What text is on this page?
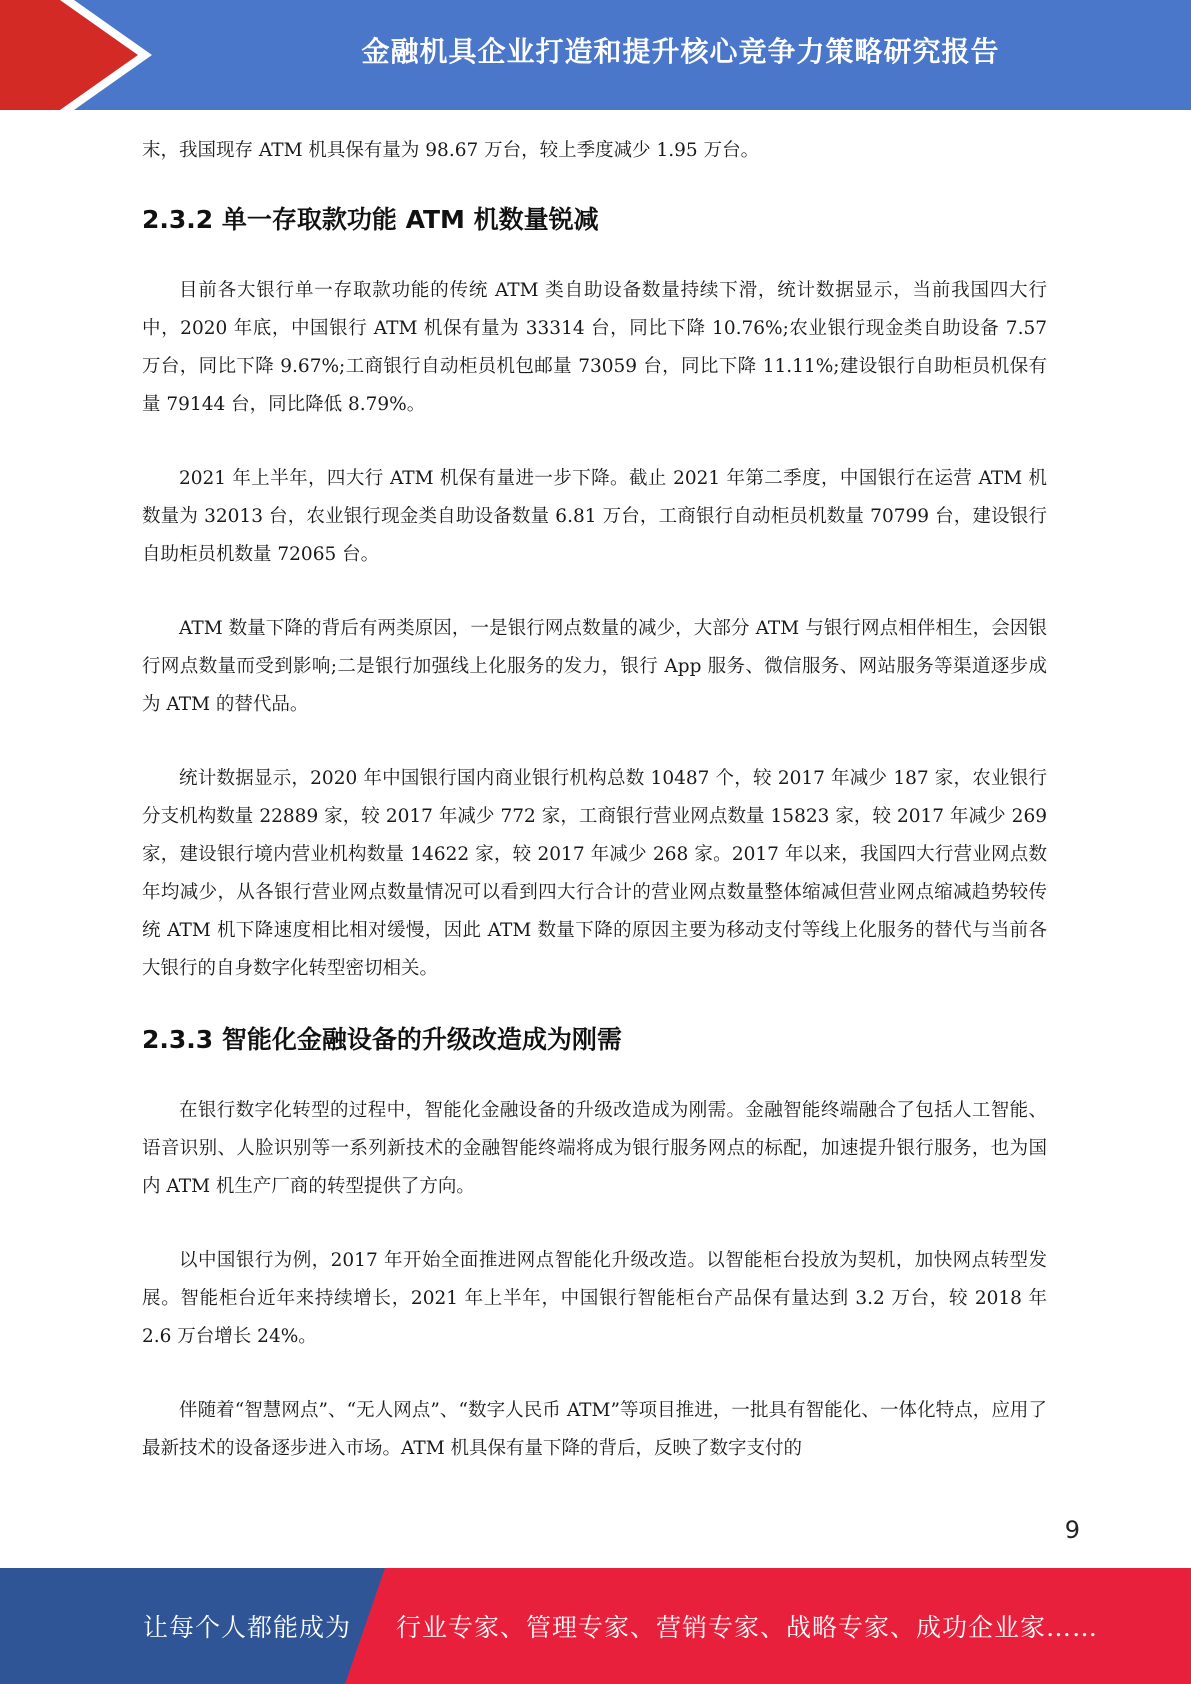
金融机具企业打造和提升核心竞争力策略研究报告

末，我国现存 ATM 机具保有量为 98.67 万台，较上季度减少 1.95 万台。

2.3.2 单一存取款功能 ATM 机数量锐减

目前各大银行单一存取款功能的传统 ATM 类自助设备数量持续下滑，统计数据显示，当前我国四大行中，2020 年底，中国银行 ATM 机保有量为 33314 台，同比下降 10.76%;农业银行现金类自助设备 7.57 万台，同比下降 9.67%;工商银行自动柜员机包邮量 73059 台，同比下降 11.11%;建设银行自助柜员机保有量 79144 台，同比降低 8.79%。

2021 年上半年，四大行 ATM 机保有量进一步下降。截止 2021 年第二季度，中国银行在运营 ATM 机数量为 32013 台，农业银行现金类自助设备数量 6.81 万台，工商银行自动柜员机数量 70799 台，建设银行自助柜员机数量 72065 台。

ATM 数量下降的背后有两类原因，一是银行网点数量的减少，大部分 ATM 与银行网点相伴相生，会因银行网点数量而受到影响;二是银行加强线上化服务的发力，银行 App 服务、微信服务、网站服务等渠道逐步成为 ATM 的替代品。

统计数据显示，2020 年中国银行国内商业银行机构总数 10487 个，较 2017 年减少 187 家，农业银行分支机构数量 22889 家，较 2017 年减少 772 家，工商银行营业网点数量 15823 家，较 2017 年减少 269 家，建设银行境内营业机构数量 14622 家，较 2017 年减少 268 家。2017 年以来，我国四大行营业网点数年均减少，从各银行营业网点数量情况可以看到四大行合计的营业网点数量整体缩减但营业网点缩减趋势较传统 ATM 机下降速度相比相对缓慢，因此 ATM 数量下降的原因主要为移动支付等线上化服务的替代与当前各大银行的自身数字化转型密切相关。

2.3.3 智能化金融设备的升级改造成为刚需

在银行数字化转型的过程中，智能化金融设备的升级改造成为刚需。金融智能终端融合了包括人工智能、语音识别、人脸识别等一系列新技术的金融智能终端将成为银行服务网点的标配，加速提升银行服务，也为国内 ATM 机生产厂商的转型提供了方向。

以中国银行为例，2017 年开始全面推进网点智能化升级改造。以智能柜台投放为契机，加快网点转型发展。智能柜台近年来持续增长，2021 年上半年，中国银行智能柜台产品保有量达到 3.2 万台，较 2018 年 2.6 万台增长 24%。

伴随着“智慧网点”、“无人网点”、“数字人民币 ATM”等项目推进，一批具有智能化、一体化特点，应用了最新技术的设备逐步进入市场。ATM 机具保有量下降的背后，反映了数字支付的

9
让每个人都能成为 行业专家、管理专家、营销专家、战略专家、成功企业家……
